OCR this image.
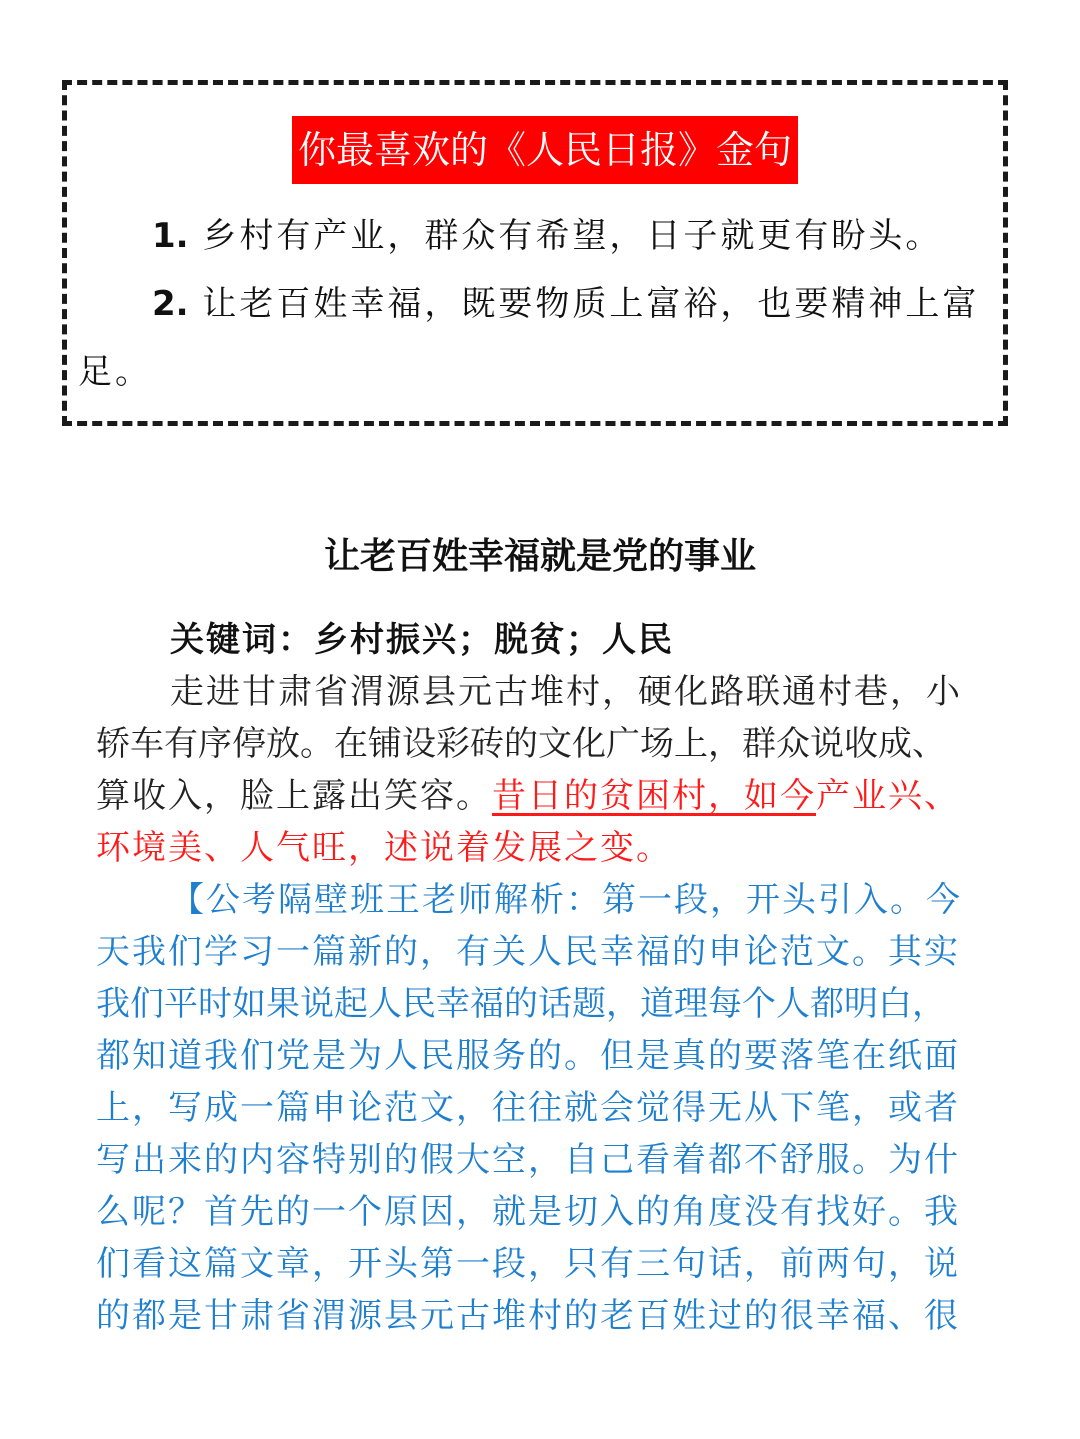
你最喜欢的《人民日报》金句
1. 乡村有产业，群众有希望，日子就更有盼头。
2. 让老百姓幸福，既要物质上富裕，也要精神上富
足。
让老百姓幸福就是党的事业
关键词：乡村振兴；脱贫；人民
走进甘肃省渭源县元古堆村，硬化路联通村巷，小
轿车有序停放。在铺设彩砖的文化广场上，群众说收成、
算收入，脸上露出笑容。昔日的贫困村，如今产业兴、
环境美、人气旺，述说着发展之变。
【公考隔壁班王老师解析：第一段，开头引入。今
天我们学习一篇新的，有关人民幸福的申论范文。其实
我们平时如果说起人民幸福的话题，道理每个人都明白，
都知道我们党是为人民服务的。但是真的要落笔在纸面
上，写成一篇申论范文，往往就会觉得无从下笔，或者
写出来的内容特别的假大空，自己看着都不舒服。为什
么呢？首先的一个原因，就是切入的角度没有找好。我
们看这篇文章，开头第一段，只有三句话，前两句，说
的都是甘肃省渭源县元古堆村的老百姓过的很幸福、很
